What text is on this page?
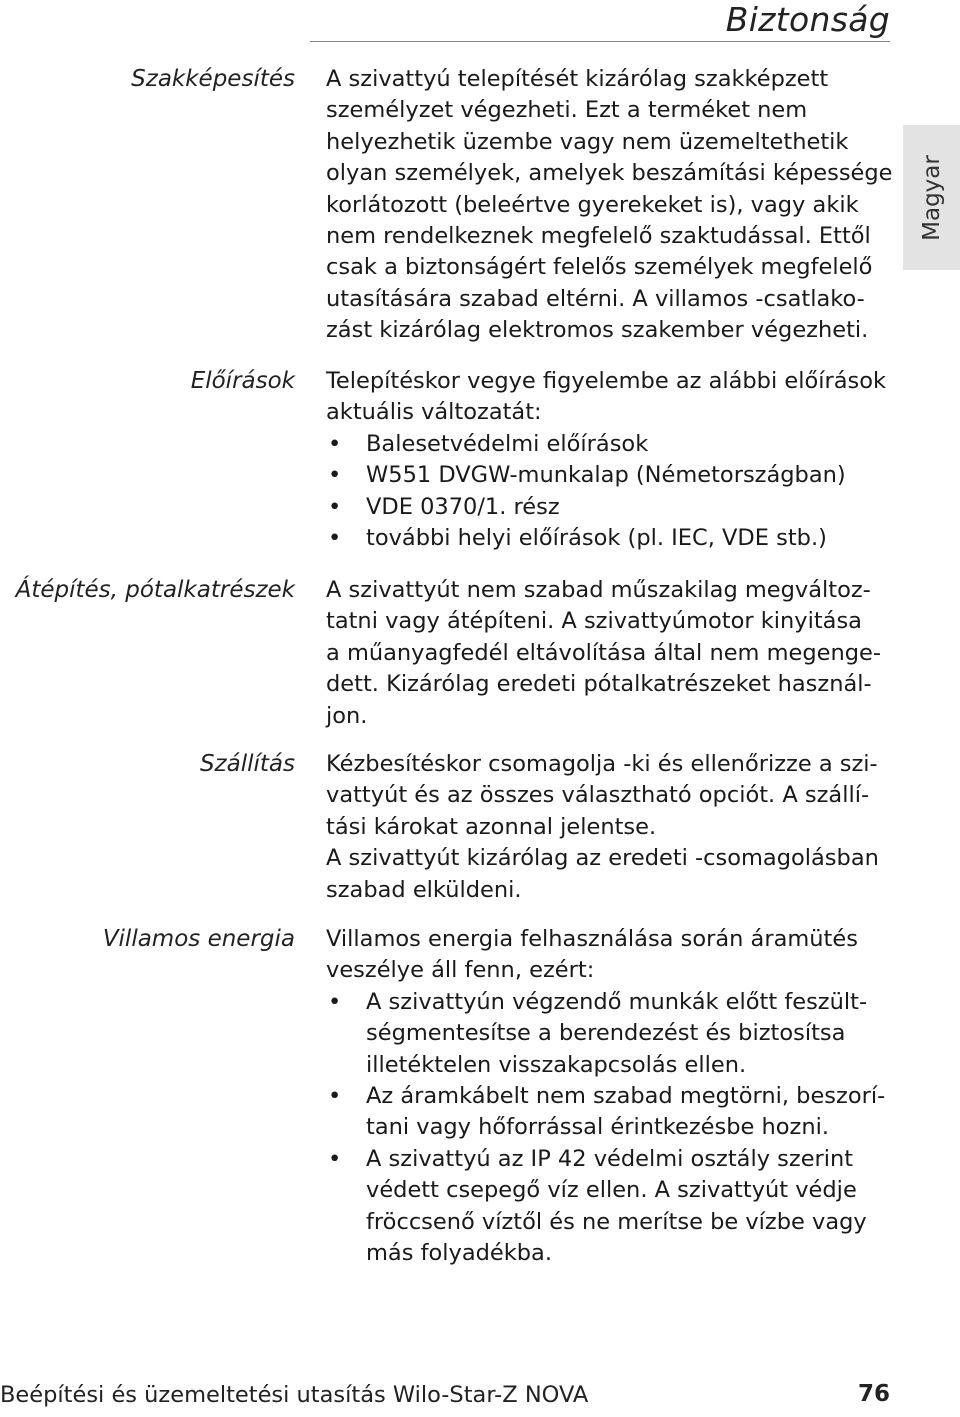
Biztonság
Magyar
Szakképesítés A szivattyú telepítését kizárólag szakképzett
személyzet végezheti. Ezt a terméket nem
helyezhetik üzembe vagy nem üzemeltethetik
olyan személyek, amelyek beszámítási képessége
korlátozott (beleértve gyerekeket is), vagy akik
nem rendelkeznek megfelelő szaktudással. Ettől
csak a biztonságért felelős személyek megfelelő
utasítására szabad eltérni. A villamos -csatlako-
zást kizárólag elektromos szakember végezheti.
Előírások Telepítéskor vegye figyelembe az alábbi előírások
aktuális változatát:
• Balesetvédelmi előírások
• W551 DVGW-munkalap (Németországban)
• VDE 0370/1. rész
• további helyi előírások (pl. IEC, VDE stb.)
Átépítés, pótalkatrészek A szivattyút nem szabad műszakilag megváltoz-
tatni vagy átépíteni. A szivattyúmotor kinyitása
a műanyagfedél eltávolítása által nem megenge-
dett. Kizárólag eredeti pótalkatrészeket használ-
jon.
Szállítás Kézbesítéskor csomagolja -ki és ellenőrizze a szi-
vattyút és az összes választható opciót. A szállí-
tási károkat azonnal jelentse.
A szivattyút kizárólag az eredeti -csomagolásban
szabad elküldeni.
Villamos energia Villamos energia felhasználása során áramütés
veszélye áll fenn, ezért:
• A szivattyún végzendő munkák előtt feszült-
ségmentesítse a berendezést és biztosítsa
illetéktelen visszakapcsolás ellen.
• Az áramkábelt nem szabad megtörni, beszorí-
tani vagy hőforrással érintkezésbe hozni.
• A szivattyú az IP 42 védelmi osztály szerint
védett csepegő víz ellen. A szivattyút védje
fröccsenő víztől és ne merítse be vízbe vagy
más folyadékba.
Beépítési és üzemeltetési utasítás Wilo-Star-Z NOVA	76
